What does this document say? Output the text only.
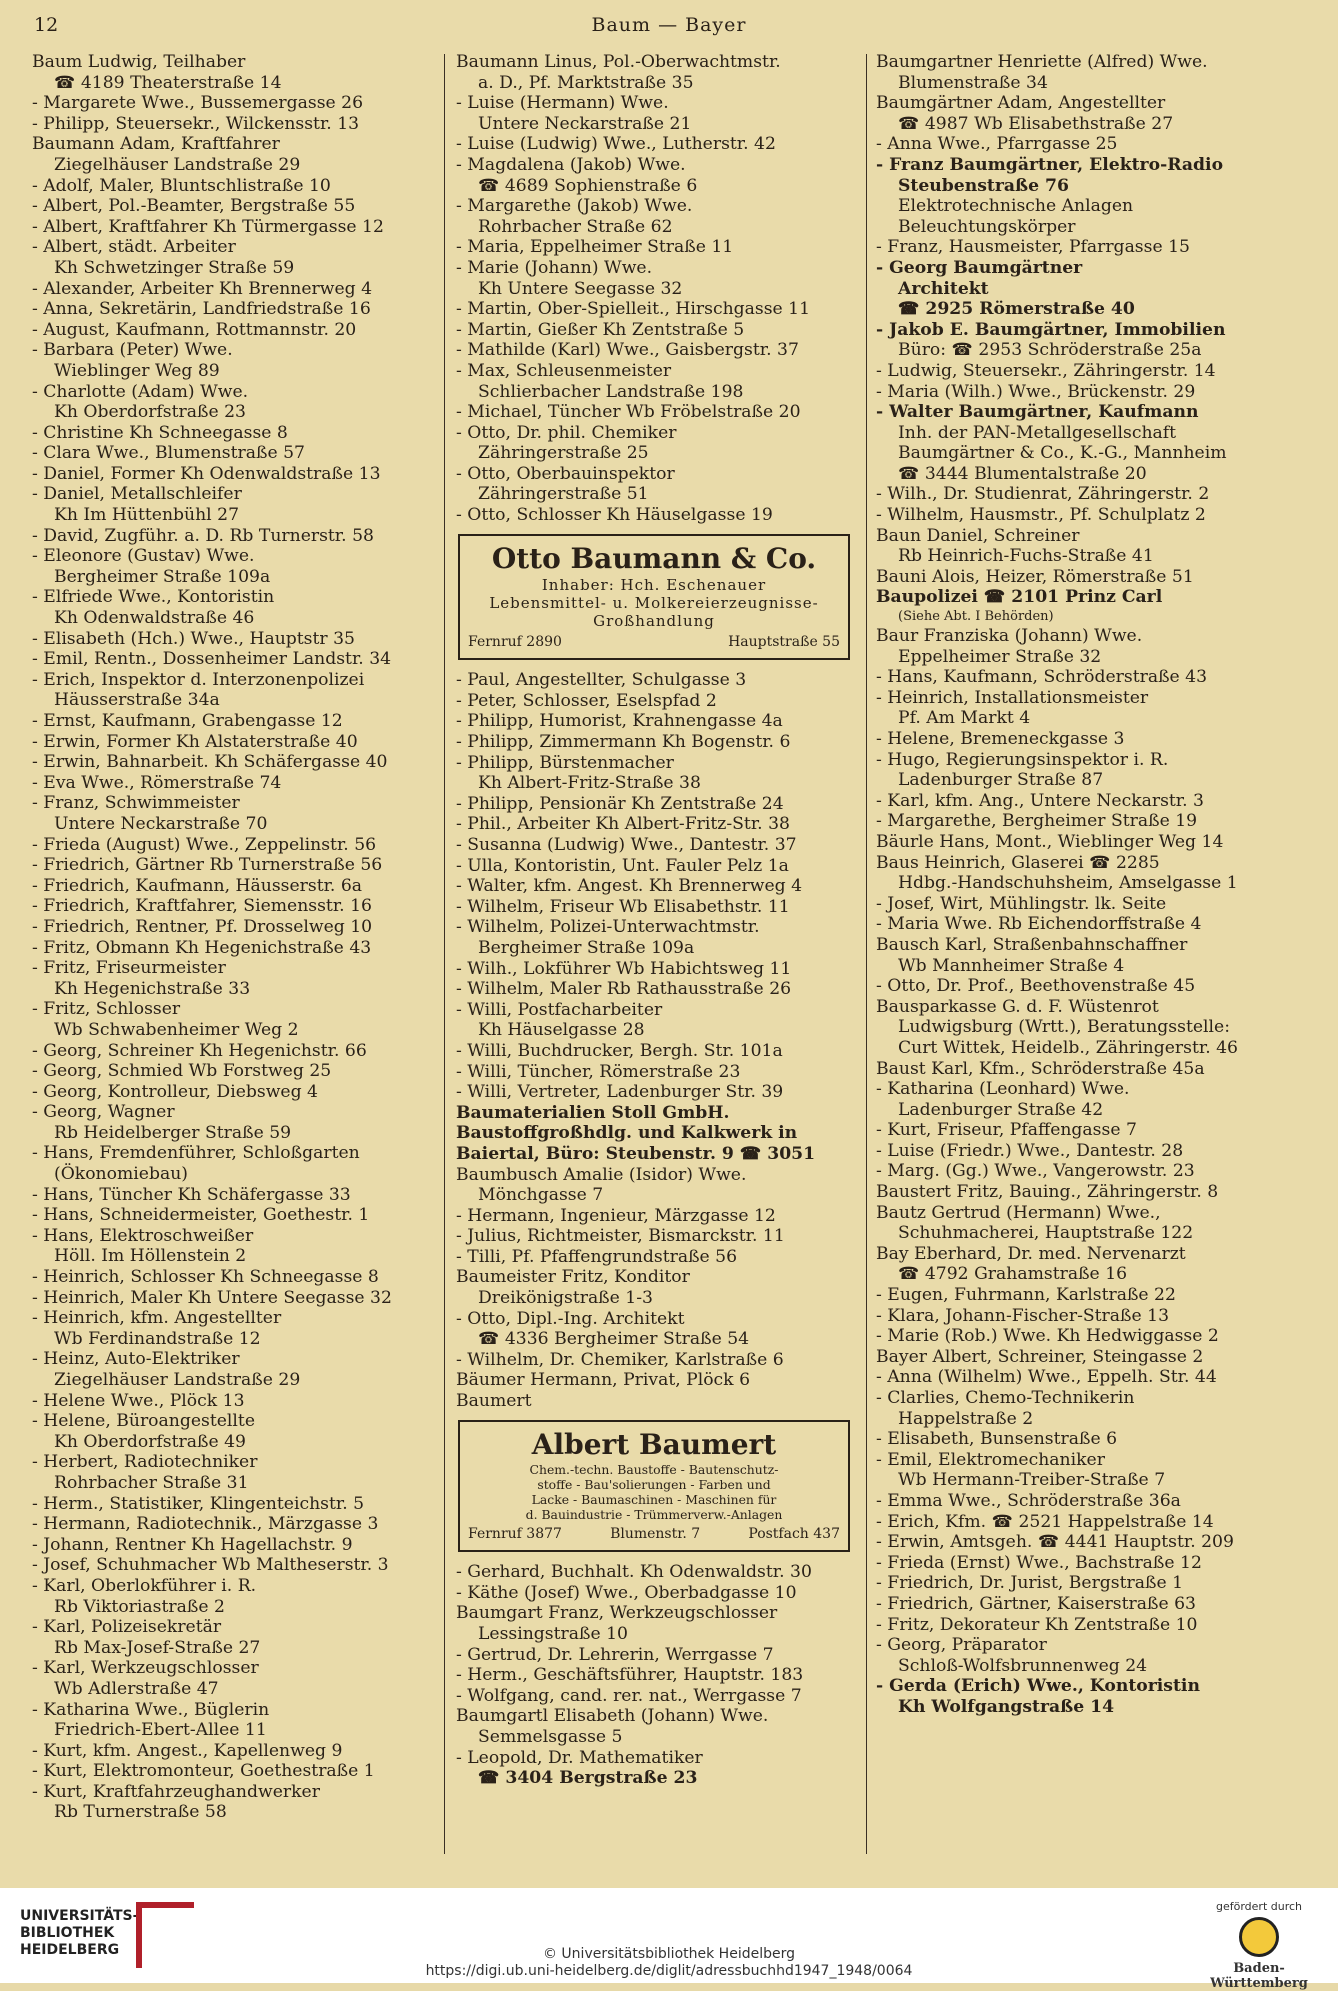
12	Baum — Bayer
Baum Ludwig, Teilhaber
☎ 4189 Theaterstraße 14
- Margarete Wwe., Bussemergasse 26
- Philipp, Steuersekr., Wilckensstr. 13
Baumann Adam, Kraftfahrer
Ziegelhäuser Landstraße 29
- Adolf, Maler, Bluntschlistraße 10
- Albert, Pol.-Beamter, Bergstraße 55
- Albert, Kraftfahrer Kh Türmergasse 12
- Albert, städt. Arbeiter
Kh Schwetzinger Straße 59
- Alexander, Arbeiter Kh Brennerweg 4
- Anna, Sekretärin, Landfriedstraße 16
- August, Kaufmann, Rottmannstr. 20
- Barbara (Peter) Wwe.
Wieblinger Weg 89
- Charlotte (Adam) Wwe.
Kh Oberdorfstraße 23
- Christine Kh Schneegasse 8
- Clara Wwe., Blumenstraße 57
- Daniel, Former Kh Odenwaldstraße 13
- Daniel, Metallschleifer
Kh Im Hüttenbühl 27
- David, Zugführ. a. D. Rb Turnerstr. 58
- Eleonore (Gustav) Wwe.
Bergheimer Straße 109a
- Elfriede Wwe., Kontoristin
Kh Odenwaldstraße 46
- Elisabeth (Hch.) Wwe., Hauptstr 35
- Emil, Rentn., Dossenheimer Landstr. 34
- Erich, Inspektor d. Interzonenpolizei
Häusserstraße 34a
- Ernst, Kaufmann, Grabengasse 12
- Erwin, Former Kh Alstaterstraße 40
- Erwin, Bahnarbeit. Kh Schäfergasse 40
- Eva Wwe., Römerstraße 74
- Franz, Schwimmeister
Untere Neckarstraße 70
- Frieda (August) Wwe., Zeppelinstr. 56
- Friedrich, Gärtner Rb Turnerstraße 56
- Friedrich, Kaufmann, Häusserstr. 6a
- Friedrich, Kraftfahrer, Siemensstr. 16
- Friedrich, Rentner, Pf. Drosselweg 10
- Fritz, Obmann Kh Hegenichstraße 43
- Fritz, Friseurmeister
Kh Hegenichstraße 33
- Fritz, Schlosser
Wb Schwabenheimer Weg 2
- Georg, Schreiner Kh Hegenichstr. 66
- Georg, Schmied Wb Forstweg 25
- Georg, Kontrolleur, Diebsweg 4
- Georg, Wagner
Rb Heidelberger Straße 59
- Hans, Fremdenführer, Schloßgarten
(Ökonomiebau)
- Hans, Tüncher Kh Schäfergasse 33
- Hans, Schneidermeister, Goethestr. 1
- Hans, Elektroschweißer
Höll. Im Höllenstein 2
- Heinrich, Schlosser Kh Schneegasse 8
- Heinrich, Maler Kh Untere Seegasse 32
- Heinrich, kfm. Angestellter
Wb Ferdinandstraße 12
- Heinz, Auto-Elektriker
Ziegelhäuser Landstraße 29
- Helene Wwe., Plöck 13
- Helene, Büroangestellte
Kh Oberdorfstraße 49
- Herbert, Radiotechniker
Rohrbacher Straße 31
- Herm., Statistiker, Klingenteichstr. 5
- Hermann, Radiotechnik., Märzgasse 3
- Johann, Rentner Kh Hagellachstr. 9
- Josef, Schuhmacher Wb Maltheserstr. 3
- Karl, Oberlokführer i. R.
Rb Viktoriastraße 2
- Karl, Polizeisekretär
Rb Max-Josef-Straße 27
- Karl, Werkzeugschlosser
Wb Adlerstraße 47
- Katharina Wwe., Büglerin
Friedrich-Ebert-Allee 11
- Kurt, kfm. Angest., Kapellenweg 9
- Kurt, Elektromonteur, Goethestraße 1
- Kurt, Kraftfahrzeughandwerker
Rb Turnerstraße 58
Baumann Linus, Pol.-Oberwachtmstr.
a. D., Pf. Marktstraße 35
- Luise (Hermann) Wwe.
Untere Neckarstraße 21
- Luise (Ludwig) Wwe., Lutherstr. 42
- Magdalena (Jakob) Wwe.
☎ 4689 Sophienstraße 6
- Margarethe (Jakob) Wwe.
Rohrbacher Straße 62
- Maria, Eppelheimer Straße 11
- Marie (Johann) Wwe.
Kh Untere Seegasse 32
- Martin, Ober-Spielleit., Hirschgasse 11
- Martin, Gießer Kh Zentstraße 5
- Mathilde (Karl) Wwe., Gaisbergstr. 37
- Max, Schleusenmeister
Schlierbacher Landstraße 198
- Michael, Tüncher Wb Fröbelstraße 20
- Otto, Dr. phil. Chemiker
Zähringerstraße 25
- Otto, Oberbauinspektor
Zähringerstraße 51
- Otto, Schlosser Kh Häuselgasse 19
Otto Baumann & Co.
Inhaber: Hch. Eschenauer
Lebensmittel- u. Molkereierzeugnisse-
Großhandlung
Fernruf 2890	Hauptstraße 55
- Paul, Angestellter, Schulgasse 3
- Peter, Schlosser, Eselspfad 2
- Philipp, Humorist, Krahnengasse 4a
- Philipp, Zimmermann Kh Bogenstr. 6
- Philipp, Bürstenmacher
Kh Albert-Fritz-Straße 38
- Philipp, Pensionär Kh Zentstraße 24
- Phil., Arbeiter Kh Albert-Fritz-Str. 38
- Susanna (Ludwig) Wwe., Dantestr. 37
- Ulla, Kontoristin, Unt. Fauler Pelz 1a
- Walter, kfm. Angest. Kh Brennerweg 4
- Wilhelm, Friseur Wb Elisabethstr. 11
- Wilhelm, Polizei-Unterwachtmstr.
Bergheimer Straße 109a
- Wilh., Lokführer Wb Habichtsweg 11
- Wilhelm, Maler Rb Rathausstraße 26
- Willi, Postfacharbeiter
Kh Häuselgasse 28
- Willi, Buchdrucker, Bergh. Str. 101a
- Willi, Tüncher, Römerstraße 23
- Willi, Vertreter, Ladenburger Str. 39
Baumaterialien Stoll GmbH.
Baustoffgroßhdlg. und Kalkwerk in
Baiertal, Büro: Steubenstr. 9 ☎ 3051
Baumbusch Amalie (Isidor) Wwe.
Mönchgasse 7
- Hermann, Ingenieur, Märzgasse 12
- Julius, Richtmeister, Bismarckstr. 11
- Tilli, Pf. Pfaffengrundstraße 56
Baumeister Fritz, Konditor
Dreikönigstraße 1-3
- Otto, Dipl.-Ing. Architekt
☎ 4336 Bergheimer Straße 54
- Wilhelm, Dr. Chemiker, Karlstraße 6
Bäumer Hermann, Privat, Plöck 6
Baumert
Albert Baumert
Chem.-techn. Baustoffe - Bautenschutz-
stoffe - Bau'solierungen - Farben und
Lacke - Baumaschinen - Maschinen für
d. Bauindustrie - Trümmerverw.-Anlagen
Fernruf 3877	Blumenstr. 7	Postfach 437
- Gerhard, Buchhalt. Kh Odenwaldstr. 30
- Käthe (Josef) Wwe., Oberbadgasse 10
Baumgart Franz, Werkzeugschlosser
Lessingstraße 10
- Gertrud, Dr. Lehrerin, Werrgasse 7
- Herm., Geschäftsführer, Hauptstr. 183
- Wolfgang, cand. rer. nat., Werrgasse 7
Baumgartl Elisabeth (Johann) Wwe.
Semmelsgasse 5
- Leopold, Dr. Mathematiker
☎ 3404 Bergstraße 23
Baumgartner Henriette (Alfred) Wwe.
Blumenstraße 34
Baumgärtner Adam, Angestellter
☎ 4987 Wb Elisabethstraße 27
- Anna Wwe., Pfarrgasse 25
- Franz Baumgärtner, Elektro-Radio
Steubenstraße 76
Elektrotechnische Anlagen
Beleuchtungskörper
- Franz, Hausmeister, Pfarrgasse 15
- Georg Baumgärtner
Architekt
☎ 2925 Römerstraße 40
- Jakob E. Baumgärtner, Immobilien
Büro: ☎ 2953 Schröderstraße 25a
- Ludwig, Steuersekr., Zähringerstr. 14
- Maria (Wilh.) Wwe., Brückenstr. 29
- Walter Baumgärtner, Kaufmann
Inh. der PAN-Metallgesellschaft
Baumgärtner & Co., K.-G., Mannheim
☎ 3444 Blumentalstraße 20
- Wilh., Dr. Studienrat, Zähringerstr. 2
- Wilhelm, Hausmstr., Pf. Schulplatz 2
Baun Daniel, Schreiner
Rb Heinrich-Fuchs-Straße 41
Bauni Alois, Heizer, Römerstraße 51
Baupolizei ☎ 2101 Prinz Carl
(Siehe Abt. I Behörden)
Baur Franziska (Johann) Wwe.
Eppelheimer Straße 32
- Hans, Kaufmann, Schröderstraße 43
- Heinrich, Installationsmeister
Pf. Am Markt 4
- Helene, Bremeneckgasse 3
- Hugo, Regierungsinspektor i. R.
Ladenburger Straße 87
- Karl, kfm. Ang., Untere Neckarstr. 3
- Margarethe, Bergheimer Straße 19
Bäurle Hans, Mont., Wieblinger Weg 14
Baus Heinrich, Glaserei ☎ 2285
Hdbg.-Handschuhsheim, Amselgasse 1
- Josef, Wirt, Mühlingstr. lk. Seite
- Maria Wwe. Rb Eichendorffstraße 4
Bausch Karl, Straßenbahnschaffner
Wb Mannheimer Straße 4
- Otto, Dr. Prof., Beethovenstraße 45
Bausparkasse G. d. F. Wüstenrot
Ludwigsburg (Wrtt.), Beratungsstelle:
Curt Wittek, Heidelb., Zähringerstr. 46
Baust Karl, Kfm., Schröderstraße 45a
- Katharina (Leonhard) Wwe.
Ladenburger Straße 42
- Kurt, Friseur, Pfaffengasse 7
- Luise (Friedr.) Wwe., Dantestr. 28
- Marg. (Gg.) Wwe., Vangerowstr. 23
Baustert Fritz, Bauing., Zähringerstr. 8
Bautz Gertrud (Hermann) Wwe.,
Schuhmacherei, Hauptstraße 122
Bay Eberhard, Dr. med. Nervenarzt
☎ 4792 Grahamstraße 16
- Eugen, Fuhrmann, Karlstraße 22
- Klara, Johann-Fischer-Straße 13
- Marie (Rob.) Wwe. Kh Hedwiggasse 2
Bayer Albert, Schreiner, Steingasse 2
- Anna (Wilhelm) Wwe., Eppelh. Str. 44
- Clarlies, Chemo-Technikerin
Happelstraße 2
- Elisabeth, Bunsenstraße 6
- Emil, Elektromechaniker
Wb Hermann-Treiber-Straße 7
- Emma Wwe., Schröderstraße 36a
- Erich, Kfm. ☎ 2521 Happelstraße 14
- Erwin, Amtsgeh. ☎ 4441 Hauptstr. 209
- Frieda (Ernst) Wwe., Bachstraße 12
- Friedrich, Dr. Jurist, Bergstraße 1
- Friedrich, Gärtner, Kaiserstraße 63
- Fritz, Dekorateur Kh Zentstraße 10
- Georg, Präparator
Schloß-Wolfsbrunnenweg 24
- Gerda (Erich) Wwe., Kontoristin
Kh Wolfgangstraße 14
UNIVERSITÄTS-
BIBLIOTHEK
HEIDELBERG	© Universitätsbibliothek Heidelberg
https://digi.ub.uni-heidelberg.de/diglit/adressbuchhd1947_1948/0064
gefördert durch
Baden-Württemberg
